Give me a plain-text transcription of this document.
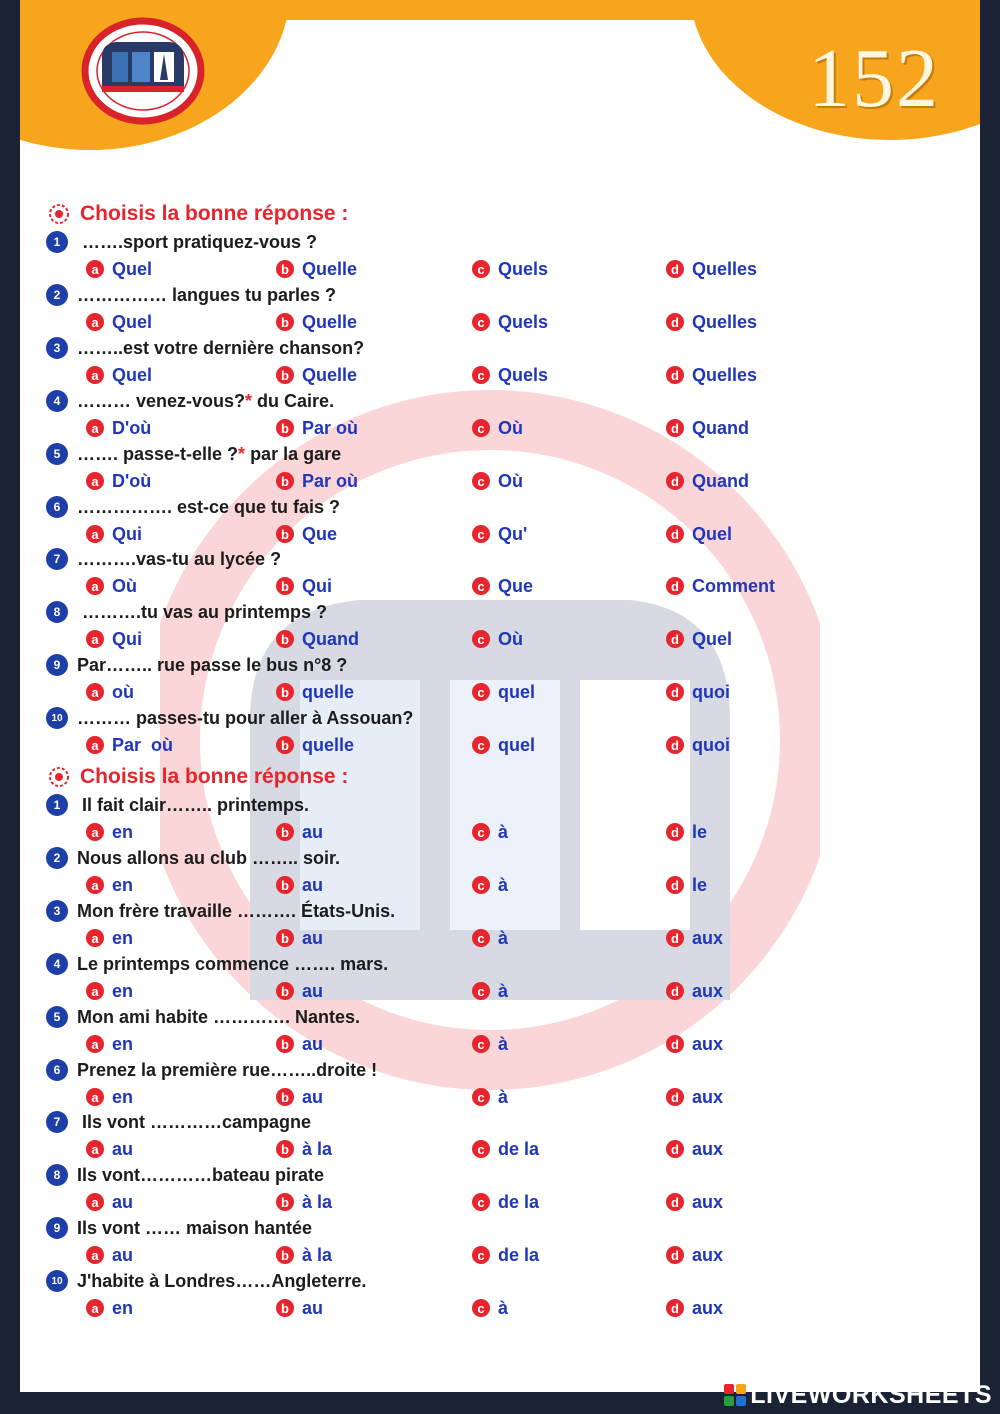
152
Choisis la bonne réponse :
1 …….sport pratiquez-vous ?
a Quel	b Quelle	c Quels	d Quelles
2 …………… langues tu parles ?
a Quel	b Quelle	c Quels	d Quelles
3 ……..est votre dernière chanson?
a Quel	b Quelle	c Quels	d Quelles
4 ……… venez-vous? * du Caire.
a D'où	b Par où	c Où	d Quand
5 ……. passe-t-elle ? * par la gare
a D'où	b Par où	c Où	d Quand
6 ……………. est-ce que tu fais ?
a Qui	b Que	c Qu'	d Quel
7 ……….vas-tu au lycée ?
a Où	b Qui	c Que	d Comment
8 ……….tu vas au printemps ?
a Qui	b Quand	c Où	d Quel
9 Par…….. rue passe le bus n°8 ?
a où	b quelle	c quel	d quoi
10 ……… passes-tu pour aller à Assouan?
a Par  où	b quelle	c quel	d quoi
Choisis la bonne réponse :
1 Il fait clair…….. printemps.
a en	b au	c à	d le
2 Nous allons au club …….. soir.
a en	b au	c à	d le
3 Mon frère travaille ………. États-Unis.
a en	b au	c à	d aux
4 Le printemps commence ……. mars.
a en	b au	c à	d aux
5 Mon ami habite …………. Nantes.
a en	b au	c à	d aux
6 Prenez la première rue……..droite !
a en	b au	c à	d aux
7 Ils vont …………campagne
a au	b à la	c de la	d aux
8 Ils vont…………bateau pirate
a au	b à la	c de la	d aux
9 Ils vont …… maison hantée
a au	b à la	c de la	d aux
10 J'habite à Londres……Angleterre.
a en	b au	c à	d aux
LIVEWORKSHEETS
